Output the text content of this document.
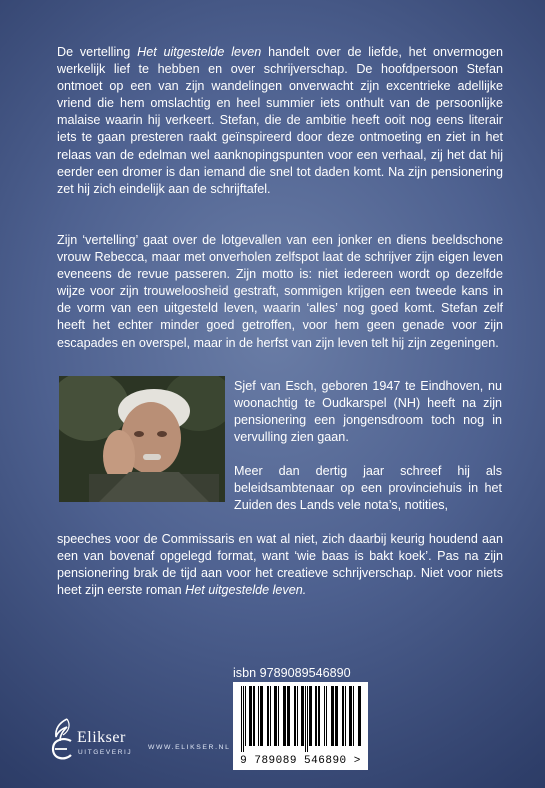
De vertelling Het uitgestelde leven handelt over de liefde, het onvermogen werkelijk lief te hebben en over schrijverschap. De hoofdpersoon Stefan ontmoet op een van zijn wandelingen onverwacht zijn excentrieke adellijke vriend die hem omslachtig en heel summier iets onthult van de persoonlijke malaise waarin hij verkeert. Stefan, die de ambitie heeft ooit nog eens literair iets te gaan presteren raakt geïnspireerd door deze ontmoeting en ziet in het relaas van de edelman wel aanknopingspunten voor een verhaal, zij het dat hij eerder een dromer is dan iemand die snel tot daden komt. Na zijn pensionering zet hij zich eindelijk aan de schrijftafel.

Zijn ‘vertelling’ gaat over de lotgevallen van een jonker en diens beeldschone vrouw Rebecca, maar met onverholen zelfspot laat de schrijver zijn eigen leven eveneens de revue passeren. Zijn motto is: niet iedereen wordt op dezelfde wijze voor zijn trouweloosheid gestraft, sommigen krijgen een tweede kans in de vorm van een uitgesteld leven, waarin ‘alles’ nog goed komt. Stefan zelf heeft het echter minder goed getroffen, voor hem geen genade voor zijn escapades en overspel, maar in de herfst van zijn leven telt hij zijn zegeningen.

Sjef van Esch, geboren 1947 te Eindhoven, nu woonachtig te Oudkarspel (NH) heeft na zijn pensionering een jongensdroom toch nog in vervulling zien gaan.

Meer dan dertig jaar schreef hij als beleidsambtenaar op een provinciehuis in het Zuiden des Lands vele nota’s, notities,

speeches voor de Commissaris en wat al niet, zich daarbij keurig houdend aan een van bovenaf opgelegd format, want ‘wie baas is bakt koek’. Pas na zijn pensionering brak de tijd aan voor het creatieve schrijverschap. Niet voor niets heet zijn eerste roman Het uitgestelde leven.

isbn 9789089546890
9 789089 546890 >
Elikser
UITGEVERIJ
WWW.ELIKSER.NL
